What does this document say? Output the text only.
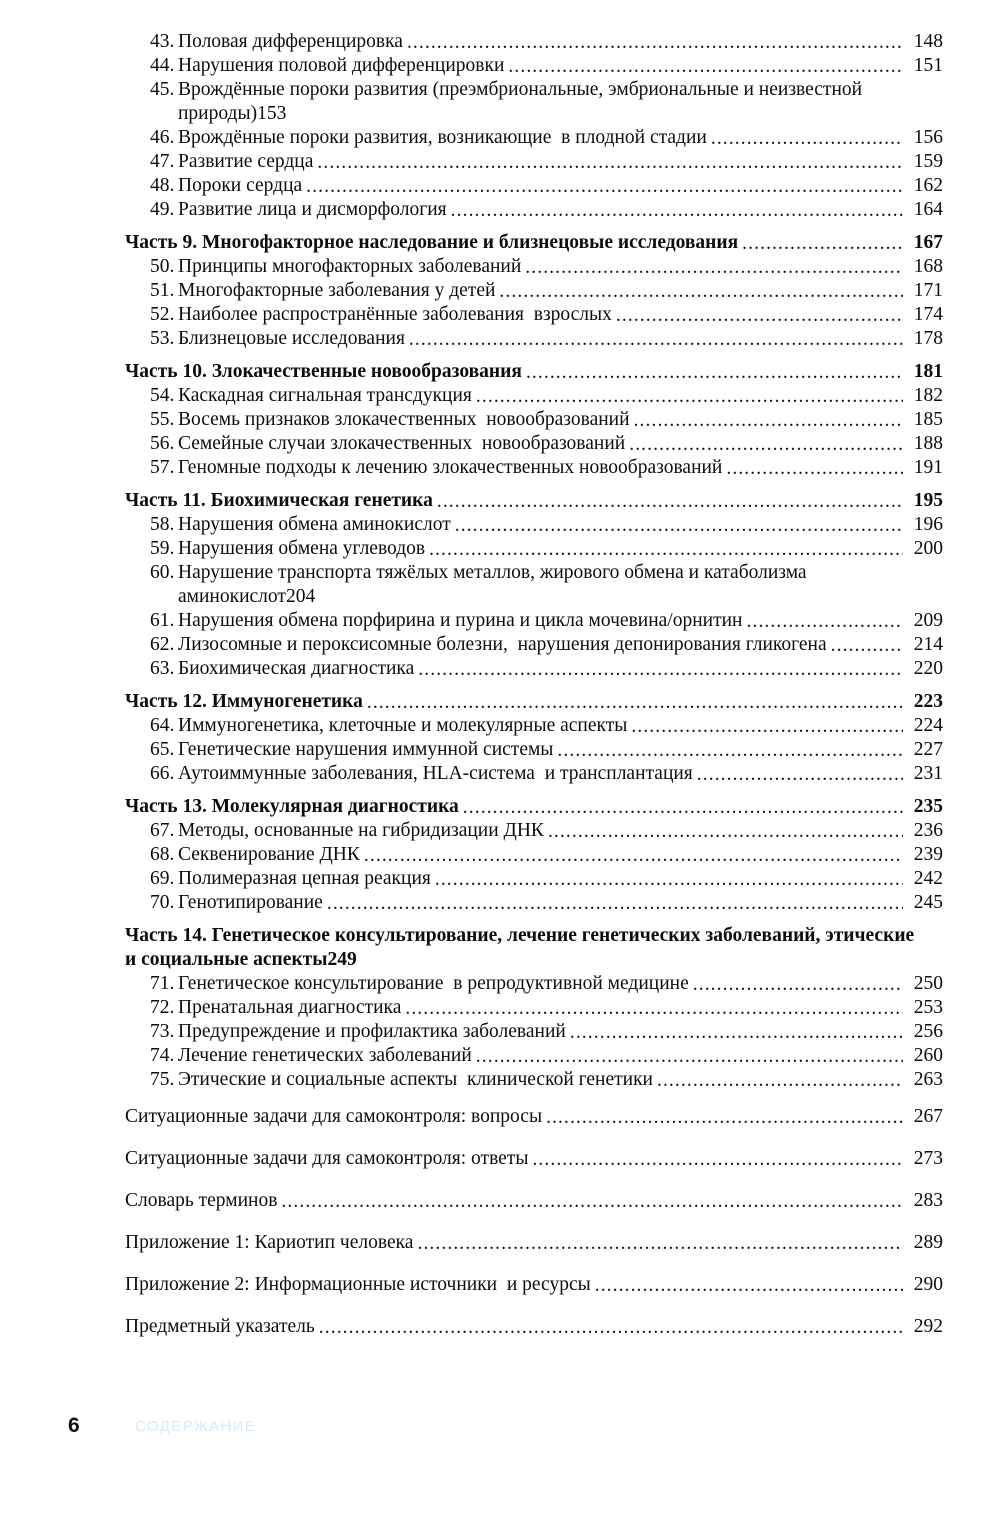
43. Половая дифференцировка .....	148
44. Нарушения половой дифференцировки .....	151
45. Врождённые пороки развития (преэмбриональные, эмбриональные и неизвестной
природы) 153
46. Врождённые пороки развития, возникающие  в плодной стадии .....	156
47. Развитие сердца .....	159
48. Пороки сердца .....	162
49. Развитие лица и дисморфология .....	164
Часть 9. Многофакторное наследование и близнецовые исследования .....	167
50. Принципы многофакторных заболеваний .....	168
51. Многофакторные заболевания у детей .....	171
52. Наиболее распространённые заболевания  взрослых .....	174
53. Близнецовые исследования .....	178
Часть 10. Злокачественные новообразования .....	181
54. Каскадная сигнальная трансдукция .....	182
55. Восемь признаков злокачественных  новообразований .....	185
56. Семейные случаи злокачественных  новообразований .....	188
57. Геномные подходы к лечению злокачественных новообразований .....	191
Часть 11. Биохимическая генетика .....	195
58. Нарушения обмена аминокислот .....	196
59. Нарушения обмена углеводов .....	200
60. Нарушение транспорта тяжёлых металлов, жирового обмена и катаболизма
аминокислот 204
61. Нарушения обмена порфирина и пурина и цикла мочевина/орнитин .....	209
62. Лизосомные и пероксисомные болезни,  нарушения депонирования гликогена .....	214
63. Биохимическая диагностика .....	220
Часть 12. Иммуногенетика .....	223
64. Иммуногенетика, клеточные и молекулярные аспекты .....	224
65. Генетические нарушения иммунной системы .....	227
66. Аутоиммунные заболевания, HLA-система  и трансплантация .....	231
Часть 13. Молекулярная диагностика .....	235
67. Методы, основанные на гибридизации ДНК .....	236
68. Секвенирование ДНК .....	239
69. Полимеразная цепная реакция .....	242
70. Генотипирование .....	245
Часть 14. Генетическое консультирование, лечение генетических заболеваний, этические
и социальные аспекты 249
71. Генетическое консультирование  в репродуктивной медицине .....	250
72. Пренатальная диагностика .....	253
73. Предупреждение и профилактика заболеваний .....	256
74. Лечение генетических заболеваний .....	260
75. Этические и социальные аспекты  клинической генетики .....	263
Ситуационные задачи для самоконтроля: вопросы .....	267
Ситуационные задачи для самоконтроля: ответы .....	273
Словарь терминов .....	283
Приложение 1: Кариотип человека .....	289
Приложение 2: Информационные источники  и ресурсы .....	290
Предметный указатель .....	292
6	СОДЕРЖАНИЕ
